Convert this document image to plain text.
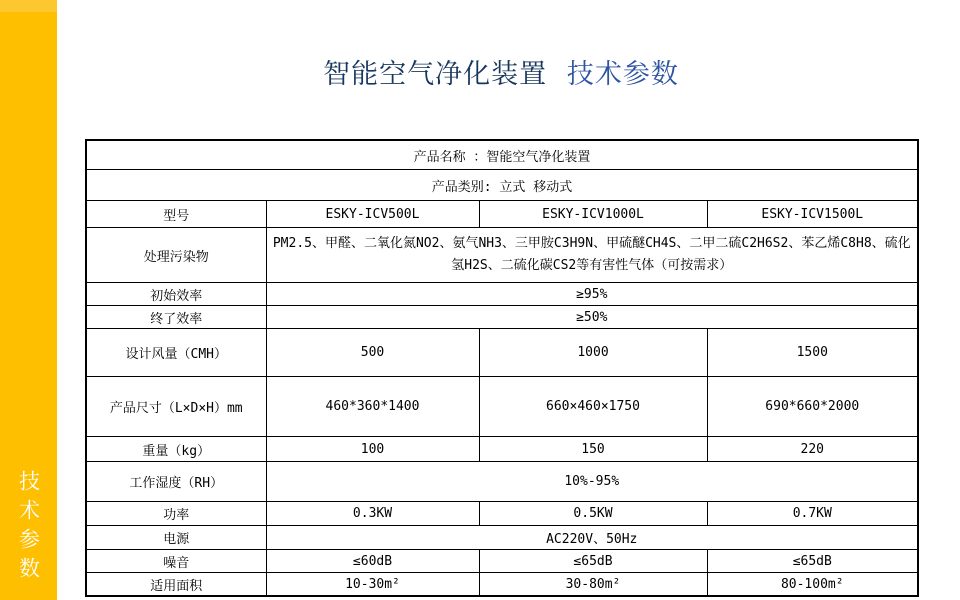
技术参数
智能空气净化装置 技术参数
产品名称 ：智能空气净化装置			
产品类别: 立式 移动式			
型号	ESKY-ICV500L	ESKY-ICV1000L	ESKY-ICV1500L
处理污染物	PM2.5、甲醛、二氧化氮NO2、氨气NH3、三甲胺C3H9N、甲硫醚CH4S、二甲二硫C2H6S2、苯乙烯C8H8、硫化氢H2S、二硫化碳CS2等有害性气体（可按需求）		
初始效率	≥95%		
终了效率	≥50%		
设计风量（CMH）	500	1000	1500
产品尺寸（L×D×H）mm	460*360*1400	660×460×1750	690*660*2000
重量（kg）	100	150	220
工作湿度（RH）	10%-95%		
功率	0.3KW	0.5KW	0.7KW
电源	AC220V、50Hz		
噪音	≤60dB	≤65dB	≤65dB
适用面积	10-30m²	30-80m²	80-100m²
